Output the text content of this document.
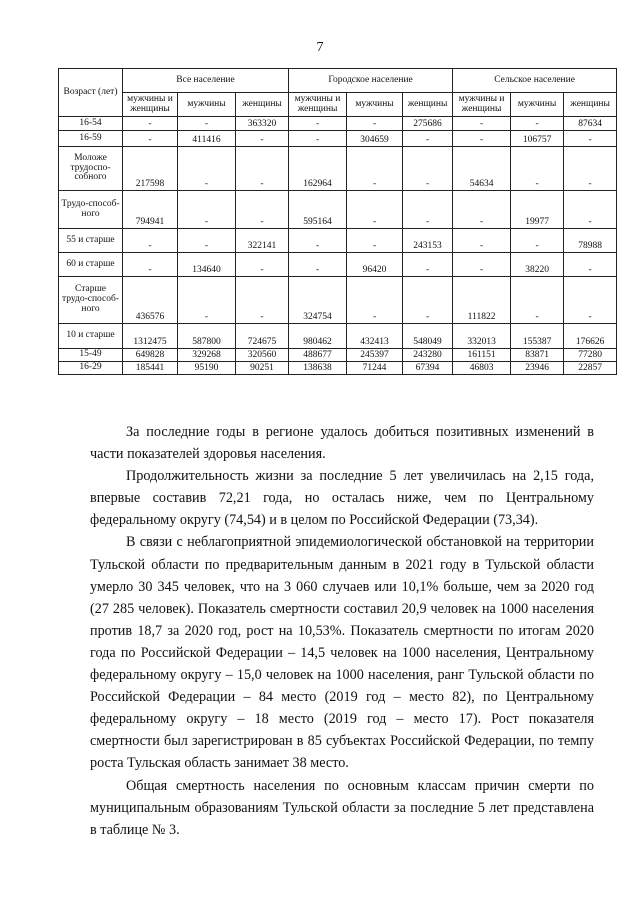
7
Возраст (лет)	Все население			Городское население			Сельское население		
	мужчины и женщины	мужчины	женщины	мужчины и женщины	мужчины	женщины	мужчины и женщины	мужчины	женщины
16-54	-	-	363320	-	-	275686	-	-	87634
16-59	-	411416	-	-	304659	-	-	106757	-
Моложе трудоспо-собного	217598	-	-	162964	-	-	54634	-	-
Трудо-способ-ного	794941	-	-	595164	-	-	-	19977	-
55 и старше	-	-	322141	-	-	243153	-	-	78988
60 и старше	-	134640	-	-	96420	-	-	38220	-
Старше трудо-способ-ного	436576	-	-	324754	-	-	111822	-	-
10 и старше	1312475	587800	724675	980462	432413	548049	332013	155387	176626
15-49	649828	329268	320560	488677	245397	243280	161151	83871	77280
16-29	185441	95190	90251	138638	71244	67394	46803	23946	22857

За последние годы в регионе удалось добиться позитивных изменений в части показателей здоровья населения.

Продолжительность жизни за последние 5 лет увеличилась на 2,15 года, впервые составив 72,21 года, но осталась ниже, чем по Центральному федеральному округу (74,54) и в целом по Российской Федерации (73,34).

В связи с неблагоприятной эпидемиологической обстановкой на территории Тульской области по предварительным данным в 2021 году в Тульской области умерло 30 345 человек, что на 3 060 случаев или 10,1% больше, чем за 2020 год (27 285 человек). Показатель смертности составил 20,9 человек на 1000 населения против 18,7 за 2020 год, рост на 10,53%. Показатель смертности по итогам 2020 года по Российской Федерации – 14,5 человек на 1000 населения, Центральному федеральному округу – 15,0 человек на 1000 населения, ранг Тульской области по Российской Федерации – 84 место (2019 год – место 82), по Центральному федеральному округу – 18 место (2019 год – место 17). Рост показателя смертности был зарегистрирован в 85 субъектах Российской Федерации, по темпу роста Тульская область занимает 38 место.

Общая смертность населения по основным классам причин смерти по муниципальным образованиям Тульской области за последние 5 лет представлена в таблице № 3.
